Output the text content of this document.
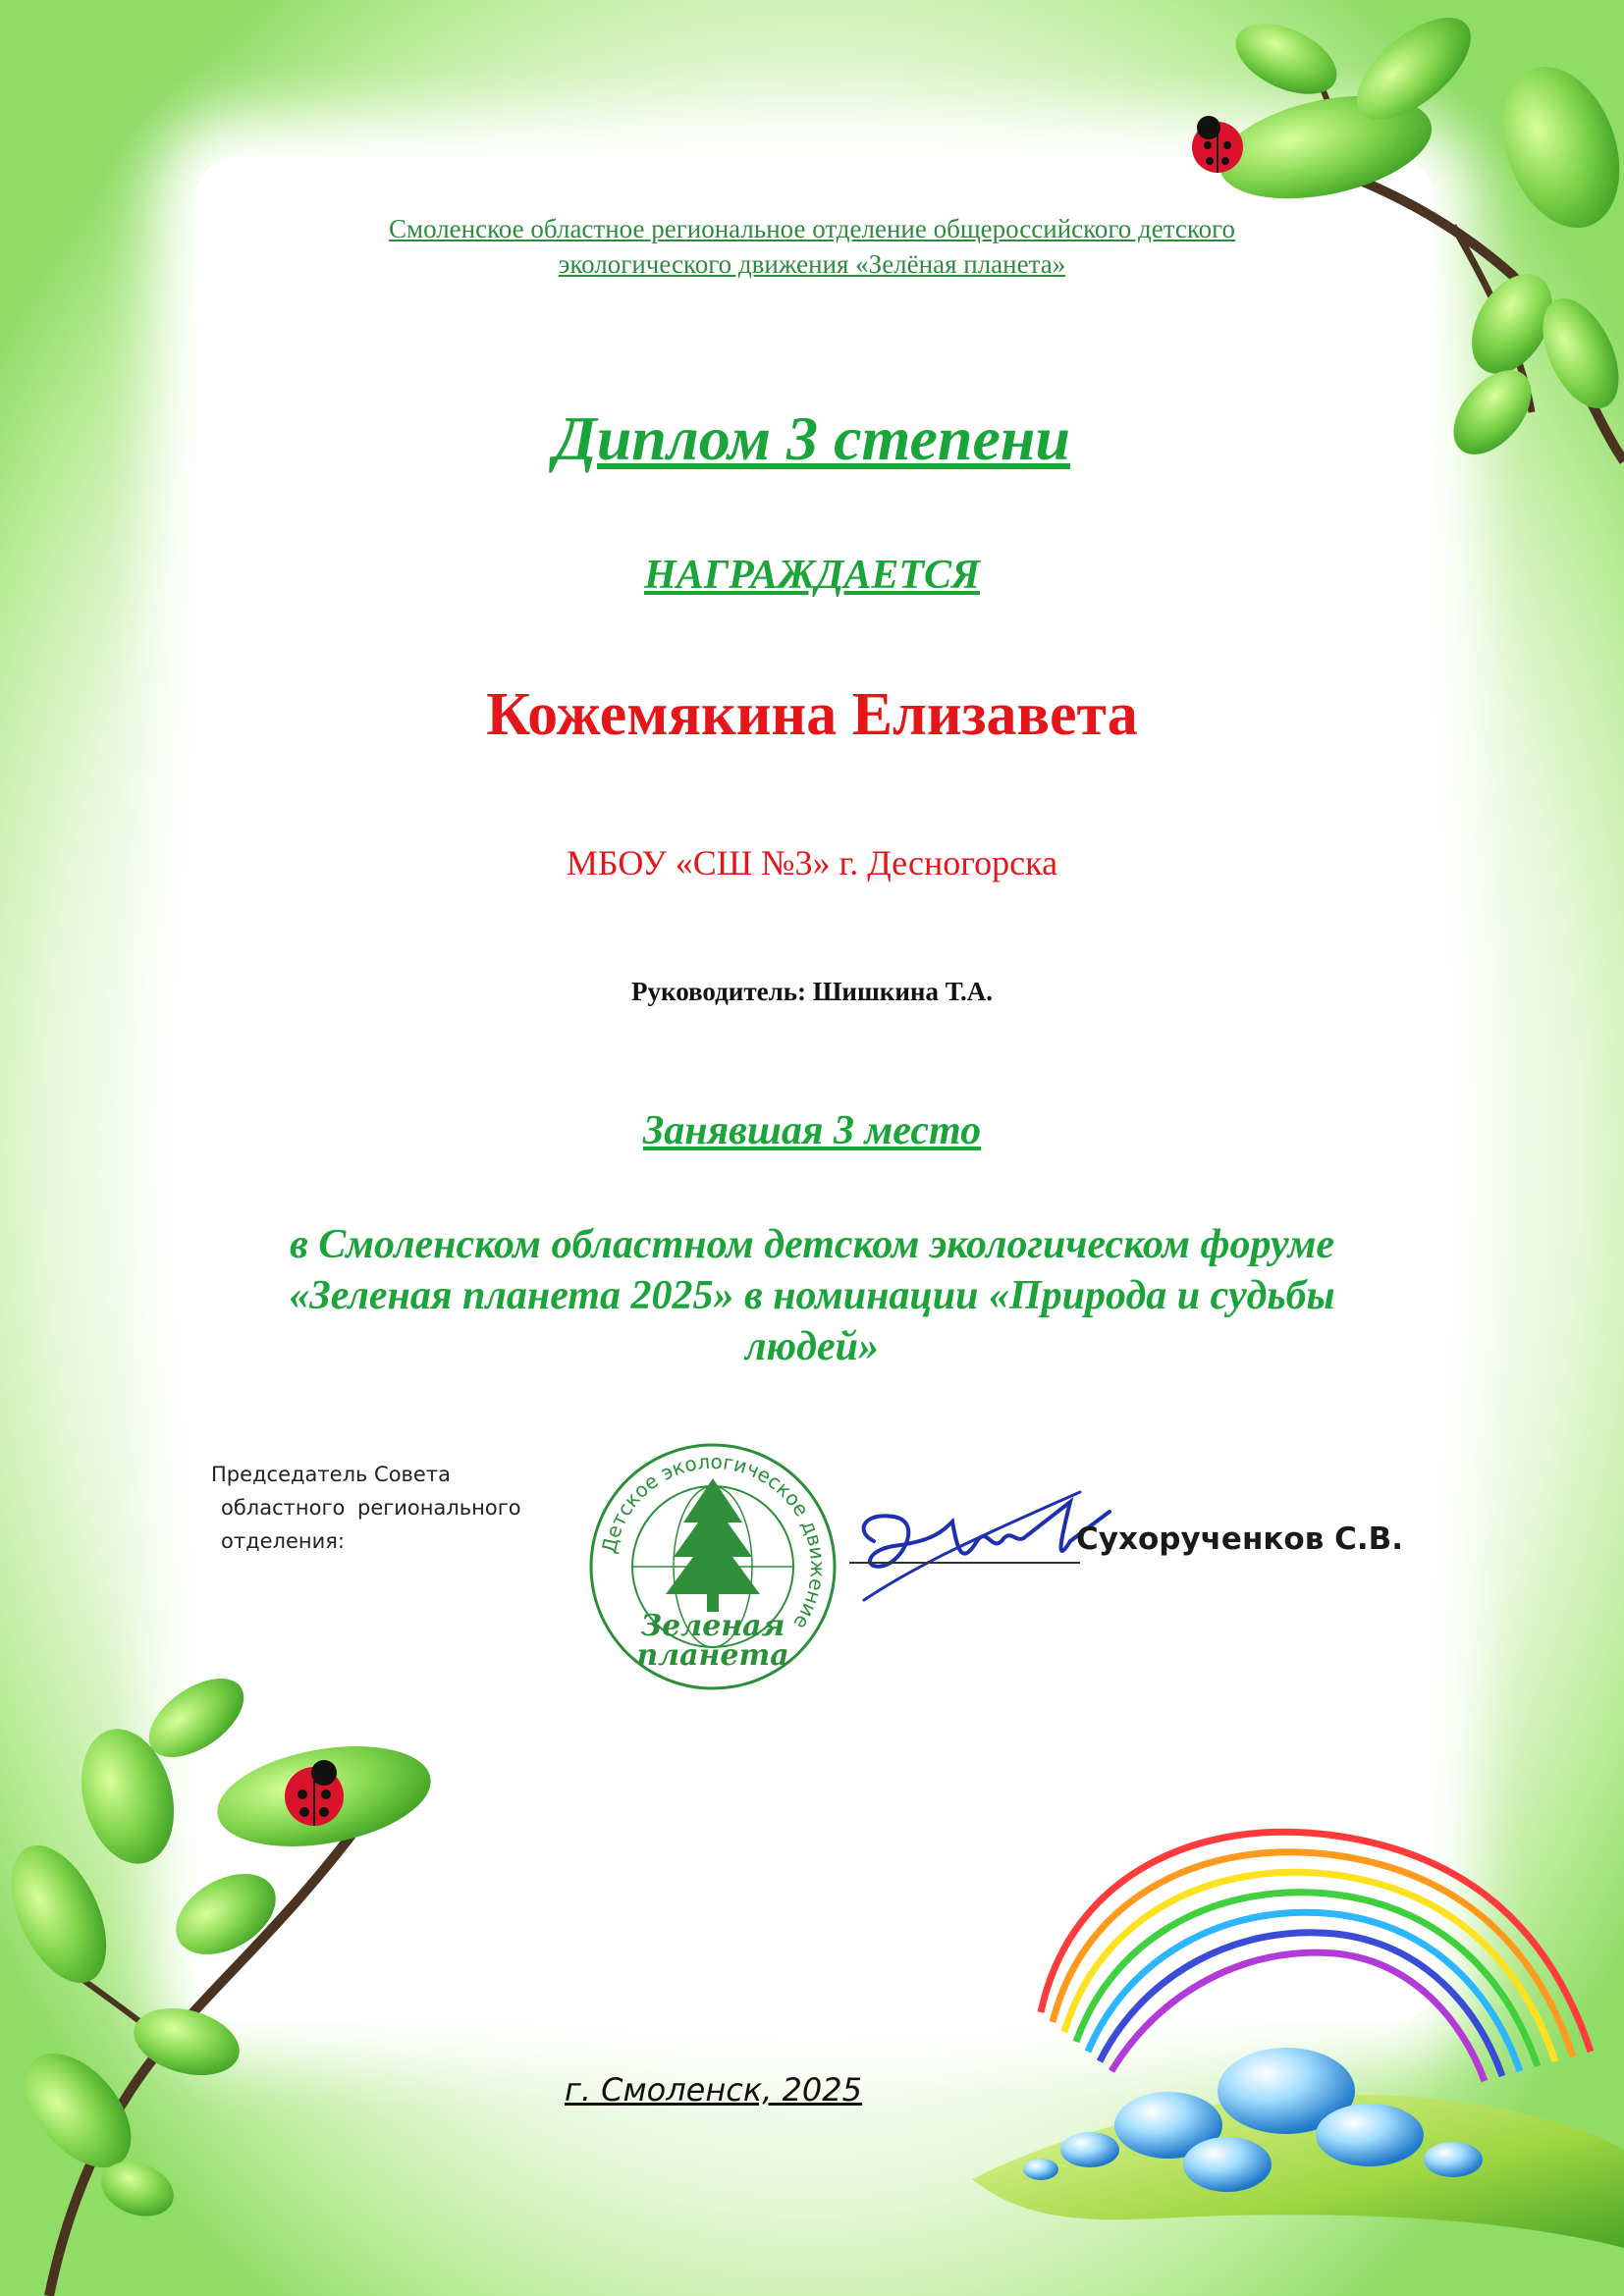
Смоленское областное региональное отделение общероссийского детского
экологического движения «Зелёная планета»
Диплом 3 степени
НАГРАЖДАЕТСЯ
Кожемякина Елизавета
МБОУ «СШ №3» г. Десногорска
Руководитель: Шишкина Т.А.
Занявшая 3 место
в Смоленском областном детском экологическом форуме
«Зеленая планета 2025» в номинации «Природа и судьбы
людей»
Председатель Совета
областного регионального
отделения:	Детское экологическое движение
Зеленая
планета
Сухорученков С.В.
г. Смоленск, 2025
